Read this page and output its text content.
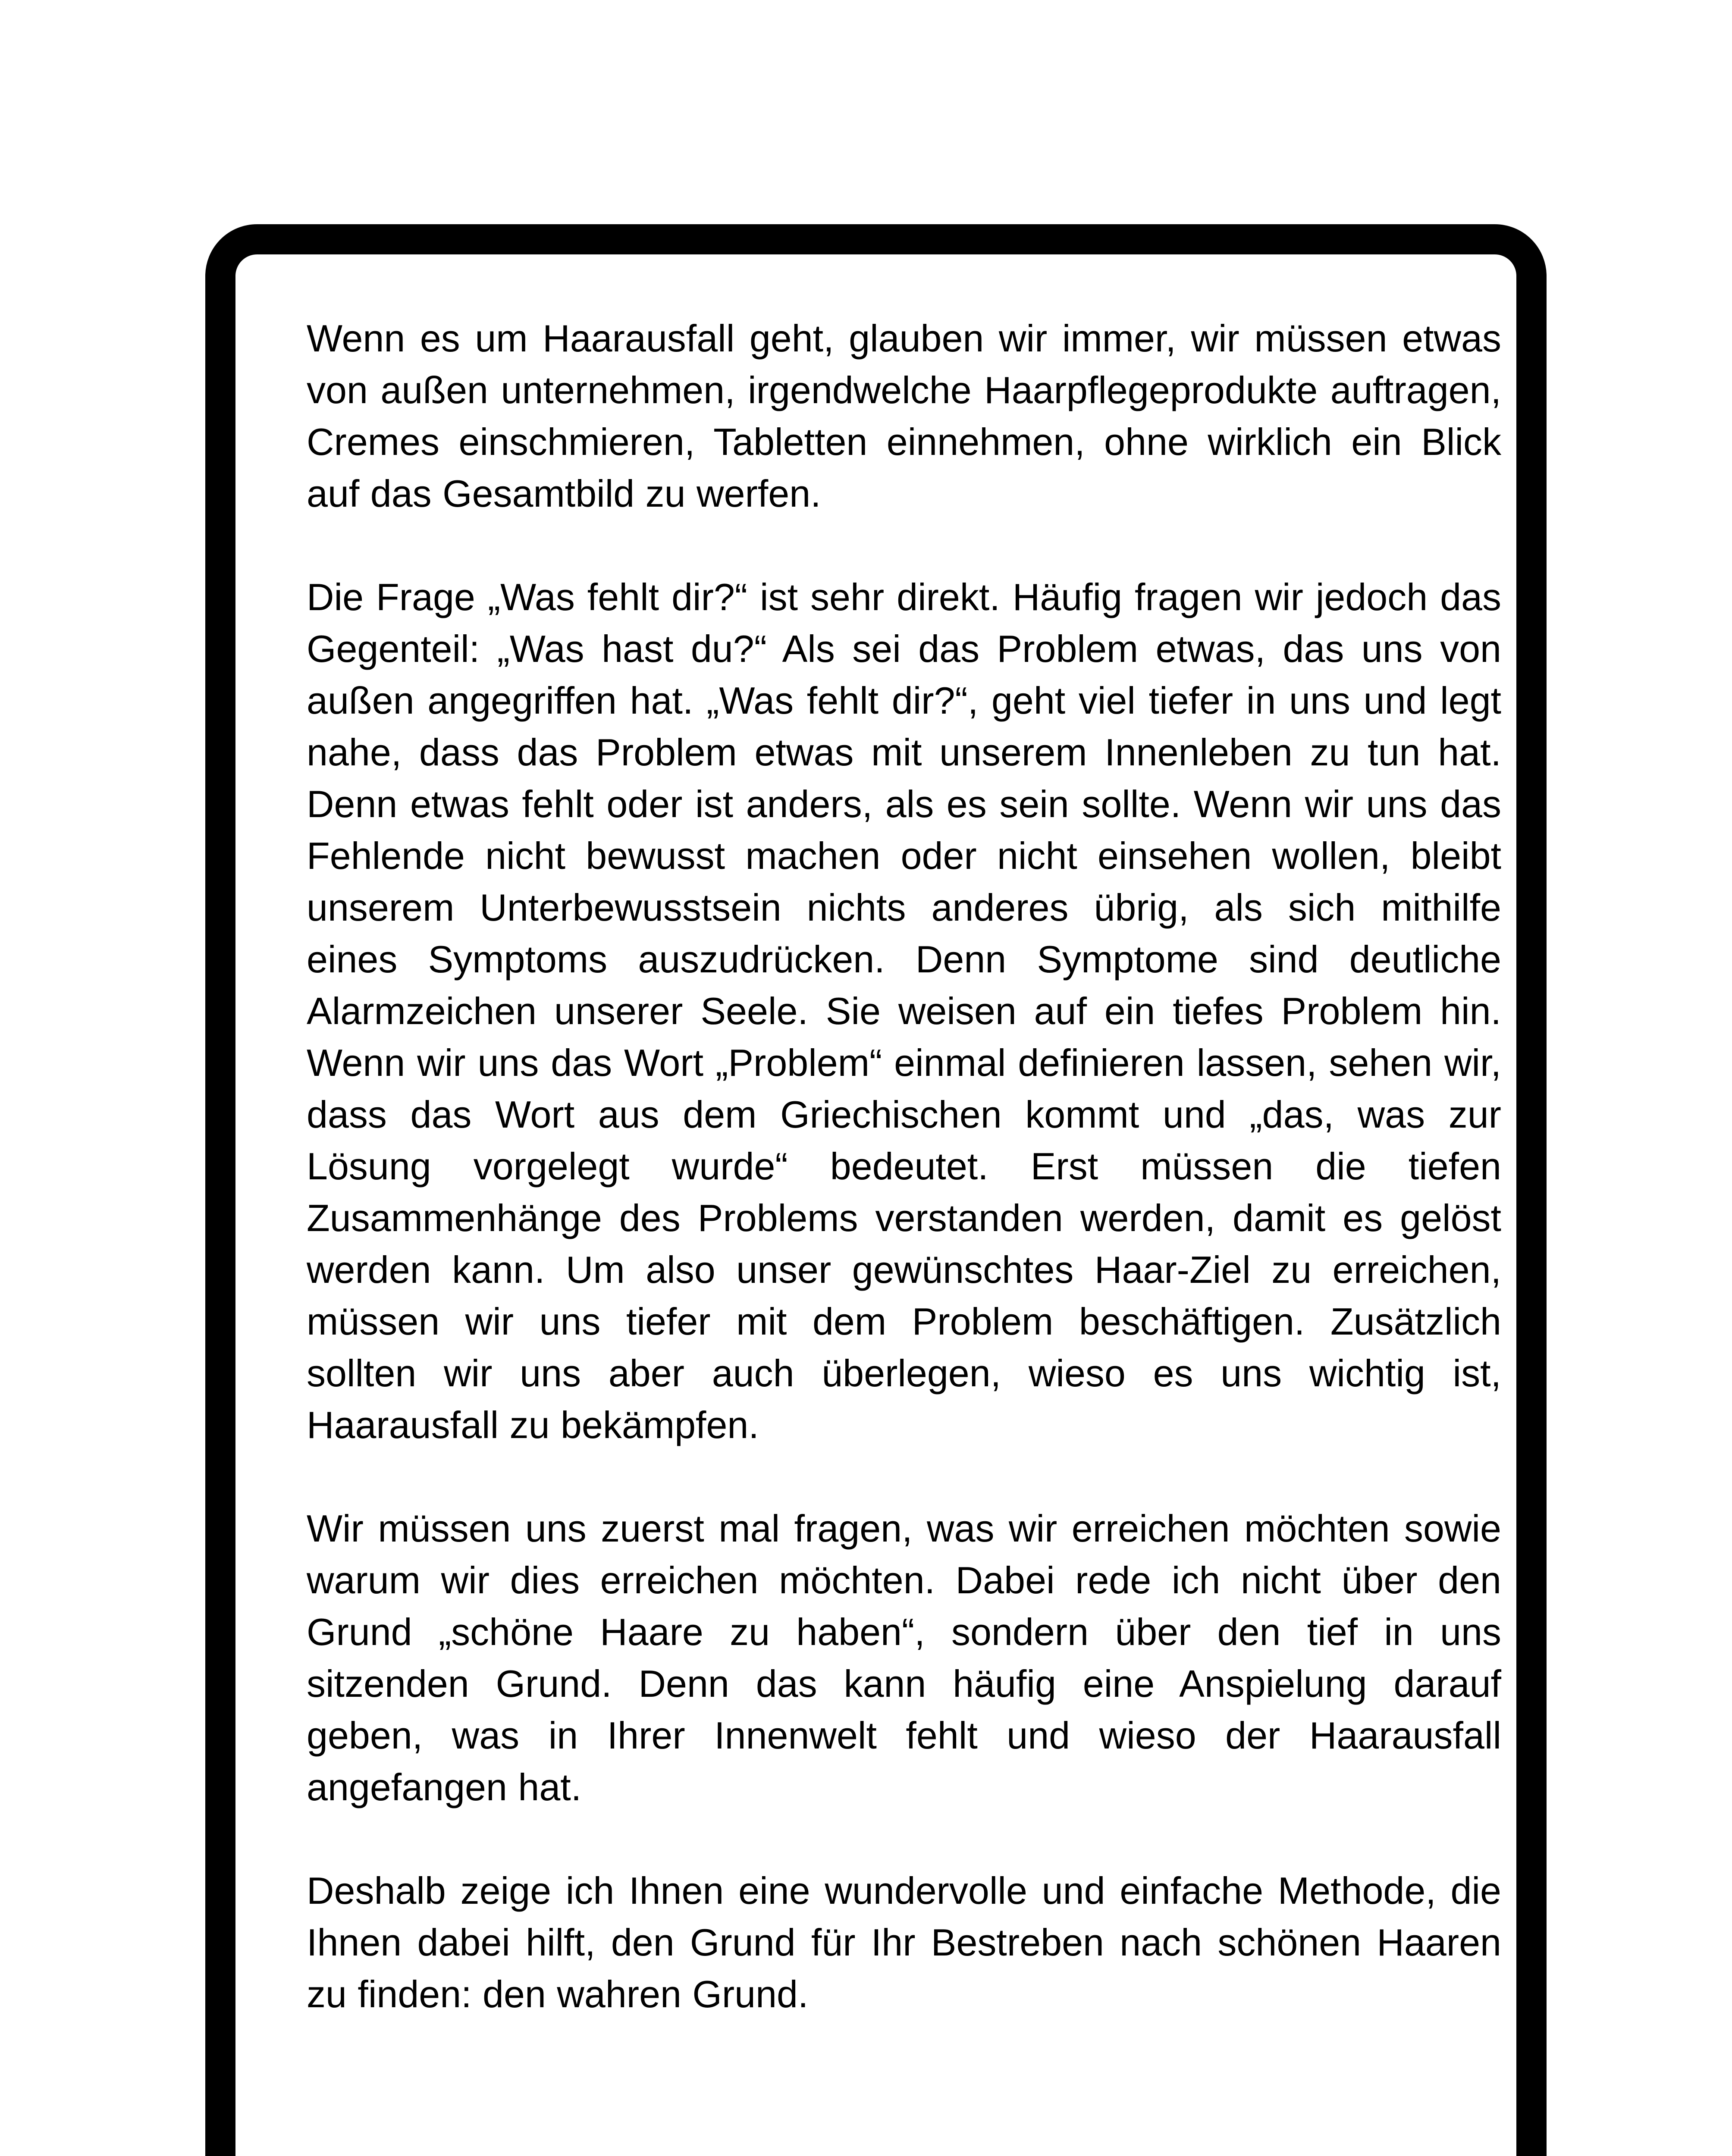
Wenn es um Haarausfall geht, glauben wir immer, wir müssen etwas von außen unternehmen, irgendwelche Haarpflegeprodukte auftragen, Cremes einschmieren, Tabletten einnehmen, ohne wirklich ein Blick auf das Gesamtbild zu werfen.

Die Frage „Was fehlt dir?“ ist sehr direkt. Häufig fragen wir jedoch das Gegenteil: „Was hast du?“ Als sei das Problem etwas, das uns von außen angegriffen hat. „Was fehlt dir?“, geht viel tiefer in uns und legt nahe, dass das Problem etwas mit unserem Innenleben zu tun hat. Denn etwas fehlt oder ist anders, als es sein sollte. Wenn wir uns das Fehlende nicht bewusst machen oder nicht einsehen wollen, bleibt unserem Unterbewusstsein nichts anderes übrig, als sich mithilfe eines Symptoms auszudrücken. Denn Symptome sind deutliche Alarmzeichen unserer Seele. Sie weisen auf ein tiefes Problem hin. Wenn wir uns das Wort „Problem“ einmal definieren lassen, sehen wir, dass das Wort aus dem Griechischen kommt und „das, was zur Lösung vorgelegt wurde“ bedeutet. Erst müssen die tiefen Zusammenhänge des Problems verstanden werden, damit es gelöst werden kann. Um also unser gewünschtes Haar-Ziel zu erreichen, müssen wir uns tiefer mit dem Problem beschäftigen. Zusätzlich sollten wir uns aber auch überlegen, wieso es uns wichtig ist, Haarausfall zu bekämpfen.

Wir müssen uns zuerst mal fragen, was wir erreichen möchten sowie warum wir dies erreichen möchten. Dabei rede ich nicht über den Grund „schöne Haare zu haben“, sondern über den tief in uns sitzenden Grund. Denn das kann häufig eine Anspielung darauf geben, was in Ihrer Innenwelt fehlt und wieso der Haarausfall angefangen hat.

Deshalb zeige ich Ihnen eine wundervolle und einfache Methode, die Ihnen dabei hilft, den Grund für Ihr Bestreben nach schönen Haaren zu finden: den wahren Grund.
